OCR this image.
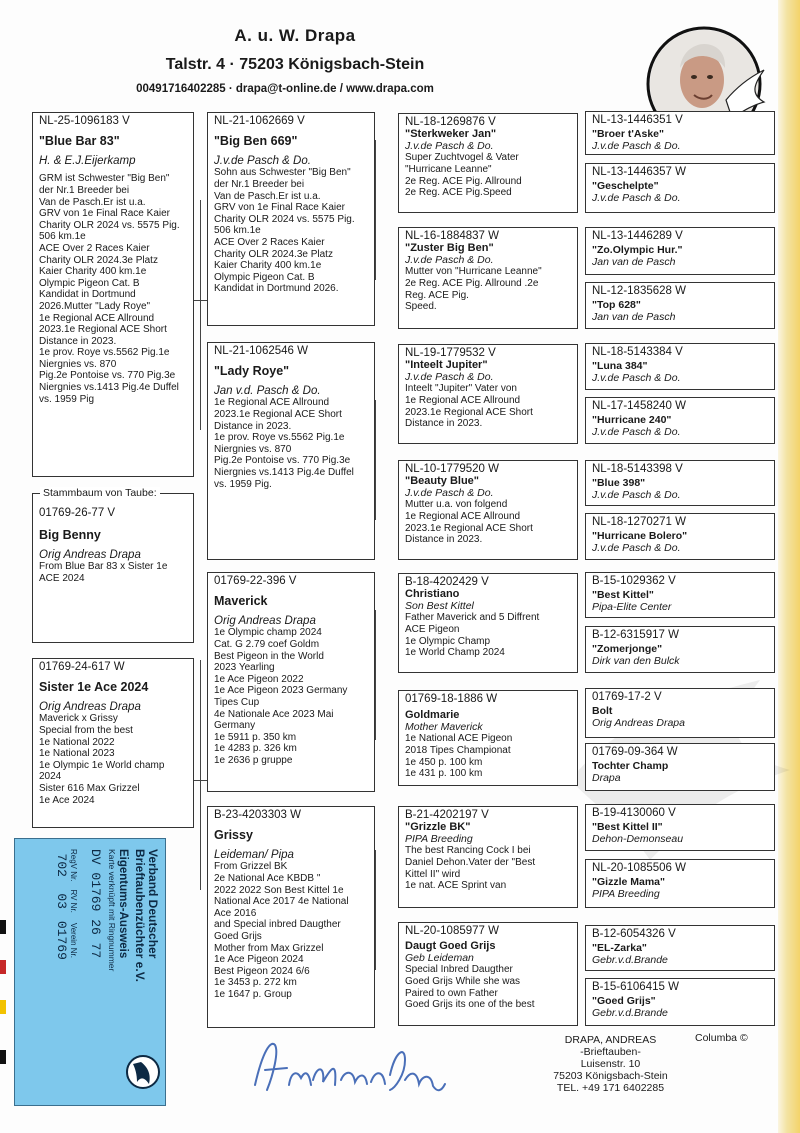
A. u. W. Drapa
Talstr. 4 · 75203 Königsbach-Stein
00491716402285 · drapa@t-online.de / www.drapa.com
NL-25-1096183 V
"Blue Bar 83"
H. & E.J.Eijerkamp
GRM ist Schwester "Big Ben"
der Nr.1 Breeder bei
Van de Pasch.Er ist u.a.
GRV von 1e Final Race Kaier
Charity OLR 2024 vs. 5575 Pig.
506 km.1e
ACE Over 2 Races Kaier
Charity OLR 2024.3e Platz
Kaier Charity 400 km.1e
Olympic Pigeon Cat. B
Kandidat in Dortmund
2026.Mutter "Lady Roye"
1e Regional ACE Allround
2023.1e Regional ACE Short
Distance in 2023.
1e prov. Roye vs.5562 Pig.1e
Niergnies vs. 870
Pig.2e Pontoise vs. 770 Pig.3e
Niergnies vs.1413 Pig.4e Duffel
vs. 1959 Pig
01769-26-77 V
Big Benny
Orig Andreas Drapa
From Blue Bar 83 x Sister 1e
ACE 2024
Stammbaum von Taube:
01769-24-617 W
Sister 1e Ace 2024
Orig Andreas Drapa
Maverick x Grissy
Special from the best
1e National 2022
1e National 2023
1e Olympic 1e World champ
2024
Sister 616 Max Grizzel
1e Ace 2024
NL-21-1062669 V
"Big Ben 669"
J.v.de Pasch & Do.
Sohn aus Schwester "Big Ben"
der Nr.1 Breeder bei
Van de Pasch.Er ist u.a.
GRV von 1e Final Race Kaier
Charity OLR 2024 vs. 5575 Pig.
506 km.1e
ACE Over 2 Races Kaier
Charity OLR 2024.3e Platz
Kaier Charity 400 km.1e
Olympic Pigeon Cat. B
Kandidat in Dortmund 2026.
NL-21-1062546 W
"Lady Roye"
Jan v.d. Pasch & Do.
1e Regional ACE Allround
2023.1e Regional ACE Short
Distance in 2023.
1e prov. Roye vs.5562 Pig.1e
Niergnies vs. 870
Pig.2e Pontoise vs. 770 Pig.3e
Niergnies vs.1413 Pig.4e Duffel
vs. 1959 Pig.
01769-22-396 V
Maverick
Orig Andreas Drapa
1e Olympic champ 2024
Cat. G 2.79 coef Goldm
Best Pigeon in the World
2023 Yearling
1e Ace Pigeon 2022
1e Ace Pigeon 2023 Germany
Tipes Cup
4e Nationale Ace 2023 Mai
Germany
1e 5911 p. 350 km
1e 4283 p. 326 km
1e 2636 p gruppe
B-23-4203303 W
Grissy
Leideman/ Pipa
From Grizzel BK
2e National Ace KBDB "
2022 2022 Son Best Kittel 1e
National Ace 2017 4e National
Ace 2016
and Special inbred Daugther
Goed Grijs
Mother from Max Grizzel
1e Ace Pigeon 2024
Best Pigeon 2024 6/6
1e 3453 p. 272 km
1e 1647 p. Group
NL-18-1269876 V
"Sterkweker Jan"
J.v.de Pasch & Do.
Super Zuchtvogel & Vater
"Hurricane Leanne"
2e Reg. ACE Pig. Allround
2e Reg. ACE Pig.Speed
NL-16-1884837 W
"Zuster Big Ben"
J.v.de Pasch & Do.
Mutter von "Hurricane Leanne"
2e Reg. ACE Pig. Allround .2e
Reg. ACE Pig.
Speed.
NL-19-1779532 V
"Inteelt Jupiter"
J.v.de Pasch & Do.
Inteelt "Jupiter" Vater von
1e Regional ACE Allround
2023.1e Regional ACE Short
Distance in 2023.
NL-10-1779520 W
"Beauty Blue"
J.v.de Pasch & Do.
Mutter u.a. von folgend
1e Regional ACE Allround
2023.1e Regional ACE Short
Distance in 2023.
B-18-4202429 V
Christiano
Son Best Kittel
Father Maverick and 5 Diffrent
ACE Pigeon
1e Olympic Champ
1e World Champ 2024
01769-18-1886 W
Goldmarie
Mother Maverick
1e National ACE Pigeon
2018 Tipes Championat
1e 450 p. 100 km
1e 431 p. 100 km
B-21-4202197 V
"Grizzle BK"
PIPA Breeding
The best Rancing Cock I bei
Daniel Dehon.Vater der "Best
Kittel II" wird
1e nat. ACE Sprint van
NL-20-1085977 W
Daugt Goed Grijs
Geb Leideman
Special Inbred Daugther
Goed Grijs While she was
Paired to own Father
Goed Grijs its one of the best
NL-13-1446351 V
"Broer t'Aske"
J.v.de Pasch & Do.
NL-13-1446357 W
"Geschelpte"
J.v.de Pasch & Do.
NL-13-1446289 V
"Zo.Olympic Hur."
Jan van de Pasch
NL-12-1835628 W
"Top 628"
Jan van de Pasch
NL-18-5143384 V
"Luna 384"
J.v.de Pasch & Do.
NL-17-1458240 W
"Hurricane 240"
J.v.de Pasch & Do.
NL-18-5143398 V
"Blue 398"
J.v.de Pasch & Do.
NL-18-1270271 W
"Hurricane Bolero"
J.v.de Pasch & Do.
B-15-1029362 V
"Best Kittel"
Pipa-Elite Center
B-12-6315917 W
"Zomerjonge"
Dirk van den Bulck
01769-17-2 V
Bolt
Orig Andreas Drapa
01769-09-364 W
Tochter Champ
Drapa
B-19-4130060 V
"Best Kittel II"
Dehon-Demonseau
NL-20-1085506 W
"Gizzle Mama"
PIPA Breeding
B-12-6054326 V
"EL-Zarka"
Gebr.v.d.Brande
B-15-6106415 W
"Goed Grijs"
Gebr.v.d.Brande
Verband Deutscher
Brieftaubenzüchter e.V.
Eigentums-Ausweis
Karte verknüpft mit Ringnummer
DV 01769 26 77
RegV Nr.
702
RV Nr.
03
Verein Nr.
01769
DRAPA, ANDREAS
-Brieftauben-
Luisenstr. 10
75203 Königsbach-Stein
TEL. +49 171 6402285
Columba ©
